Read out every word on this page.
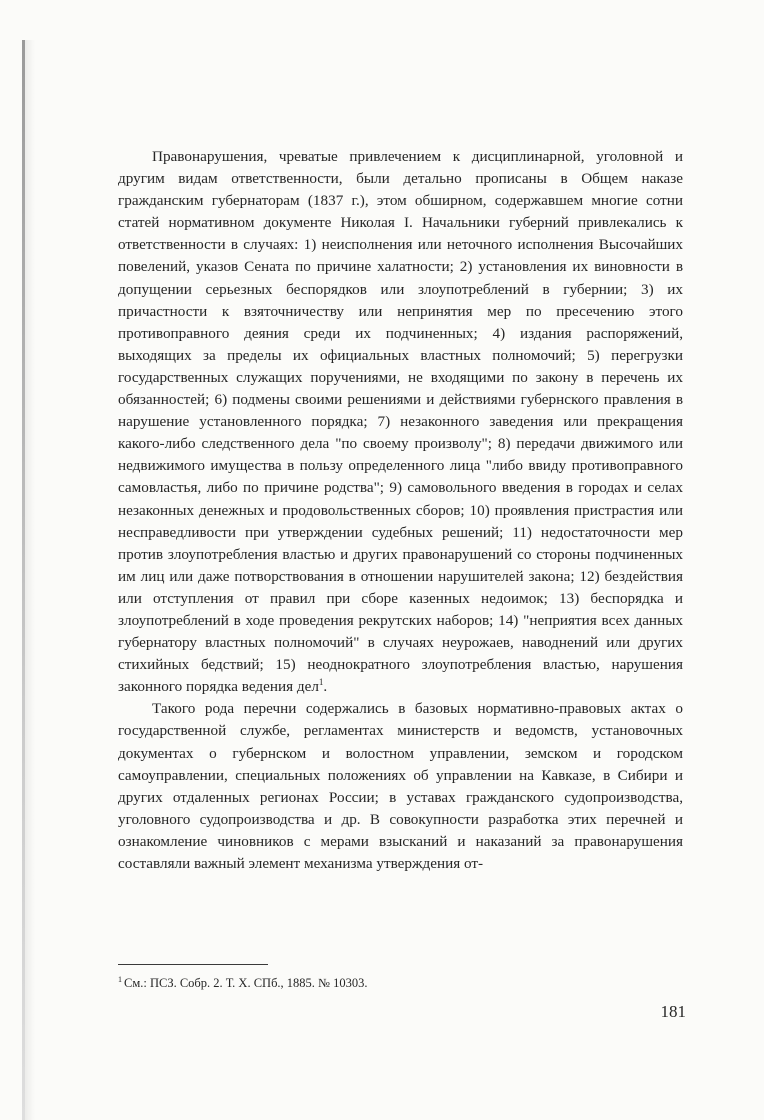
Правонарушения, чреватые привлечением к дисциплинарной, уголовной и другим видам ответственности, были детально прописаны в Общем наказе гражданским губернаторам (1837 г.), этом обширном, содержавшем многие сотни статей нормативном документе Николая I. Начальники губерний привлекались к ответственности в случаях: 1) неисполнения или неточного исполнения Высочайших повелений, указов Сената по причине халатности; 2) установления их виновности в допущении серьезных беспорядков или злоупотреблений в губернии; 3) их причастности к взяточничеству или непринятия мер по пресечению этого противоправного деяния среди их подчиненных; 4) издания распоряжений, выходящих за пределы их официальных властных полномочий; 5) перегрузки государственных служащих поручениями, не входящими по закону в перечень их обязанностей; 6) подмены своими решениями и действиями губернского правления в нарушение установленного порядка; 7) незаконного заведения или прекращения какого-либо следственного дела "по своему произволу"; 8) передачи движимого или недвижимого имущества в пользу определенного лица "либо ввиду противоправного самовластья, либо по причине родства"; 9) самовольного введения в городах и селах незаконных денежных и продовольственных сборов; 10) проявления пристрастия или несправедливости при утверждении судебных решений; 11) недостаточности мер против злоупотребления властью и других правонарушений со стороны подчиненных им лиц или даже потворствования в отношении нарушителей закона; 12) бездействия или отступления от правил при сборе казенных недоимок; 13) беспорядка и злоупотреблений в ходе проведения рекрутских наборов; 14) "неприятия всех данных губернатору властных полномочий" в случаях неурожаев, наводнений или других стихийных бедствий; 15) неоднократного злоупотребления властью, нарушения законного порядка ведения дел$^1$.

Такого рода перечни содержались в базовых нормативно-правовых актах о государственной службе, регламентах министерств и ведомств, установочных документах о губернском и волостном управлении, земском и городском самоуправлении, специальных положениях об управлении на Кавказе, в Сибири и других отдаленных регионах России; в уставах гражданского судопроизводства, уголовного судопроизводства и др. В совокупности разработка этих перечней и ознакомление чиновников с мерами взысканий и наказаний за правонарушения составляли важный элемент механизма утверждения от-

$^1$ См.: ПСЗ. Собр. 2. Т. X. СПб., 1885. № 10303.
181
